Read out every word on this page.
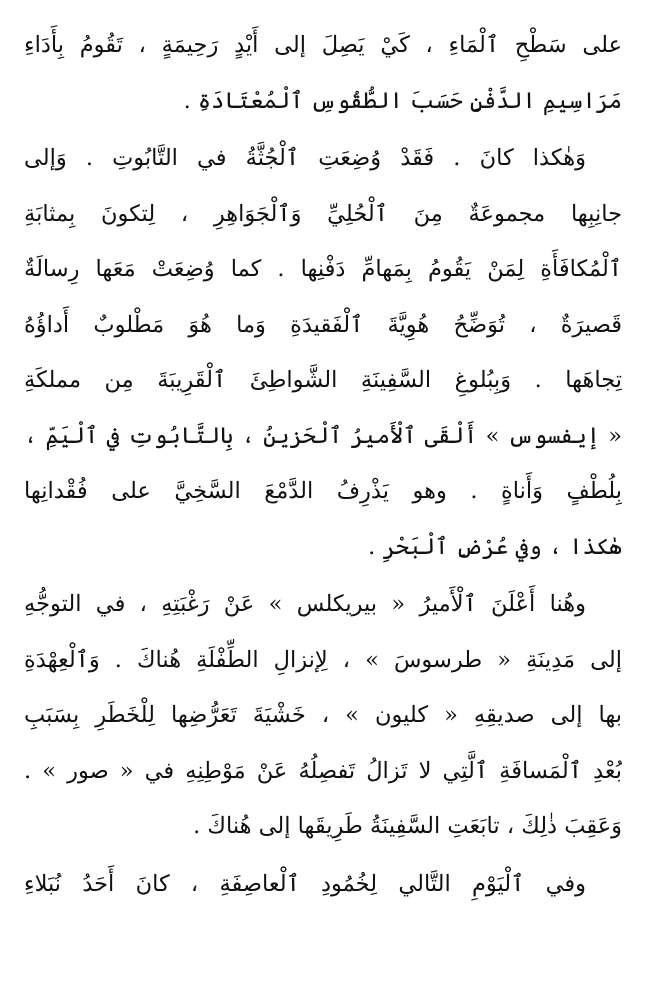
على سَطْحِ ٱلْمَاءِ ، كَيْ يَصِلَ إلى أَيْدٍ رَحِيمَةٍ ، تَقُومُ بِأَدَاءِ
مَرَاسِيمِ الدَّفْنِ حَسَبَ الطُّقُوسِ ٱلْمُعْتَادَةِ .
وَهٰكذا كانَ . فَقَدْ وُضِعَتِ ٱلْجُثَّةُ في التَّابُوتِ . وَإلى
جانِبِها مجموعَةٌ مِنَ ٱلْحُلِيِّ وَٱلْجَوَاهِرِ ، لِتكونَ بِمثابَةِ
ٱلْمُكافَأَةِ لِمَنْ يَقُومُ بِمَهامِّ دَفْنِها . كما وُضِعَتْ مَعَها رِسالَةٌ
قَصيرَةٌ ، تُوَضِّحُ هُوِيَّةَ ٱلْفَقيدَةِ وَما هُوَ مَطْلوبٌ أَداؤُهُ
تِجاهَها . وَبِبُلوغِ السَّفِينَةِ الشَّواطِئَ ٱلْقَرِيبَةَ مِن مملكَةِ
« إيفسوس » أَلْقَى ٱلْأَميرُ ٱلْحَزينُ ، بِالتَّابُوتِ في ٱلْيَمِّ ،
بِلُطْفٍ وَأَناةٍ . وهو يَذْرِفُ الدَّمْعَ السَّخِيَّ على فُقْدانِها
هٰكذا ، وفي عُرْضِ ٱلْبَحْرِ .
وهُنا أَعْلَنَ ٱلْأَميرُ « بيريكلس » عَنْ رَغْبَتِهِ ، في التوجُّهِ
إلى مَدِينَةِ « طرسوسَ » ، لِإنزالِ الطِّفْلَةِ هُناكَ . وَٱلْعِهْدَةِ
بها إلى صديقِهِ « كليون » ، خَشْيَةَ تَعَرُّضِها لِلْخَطَرِ بِسَبَبِ
بُعْدِ ٱلْمَسافَةِ ٱلَّتِي لا تَزالُ تَفصِلُهُ عَنْ مَوْطِنِهِ في « صور » .
وَعَقِبَ ذٰلِكَ ، تابَعَتِ السَّفِينَةُ طَرِيقَها إلى هُناكَ .
وفي ٱلْيَوْمِ التَّالي لِخُمُودِ ٱلْعاصِفَةِ ، كانَ أَحَدُ نُبَلاءِ
